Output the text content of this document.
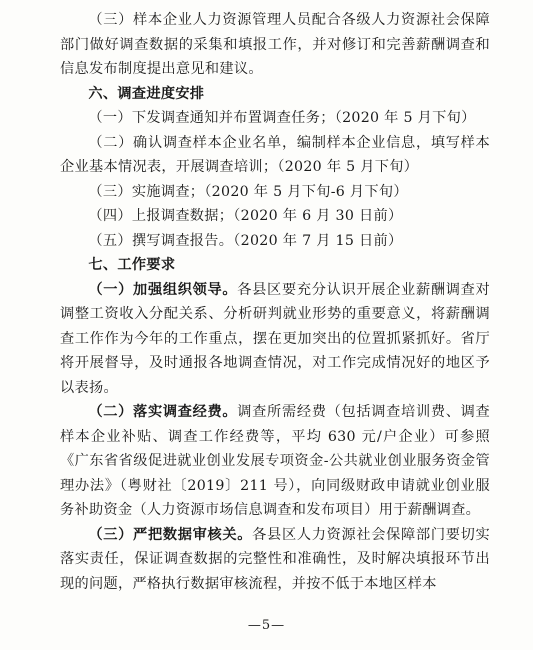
（三）样本企业人力资源管理人员配合各级人力资源社会保障部门做好调查数据的采集和填报工作，并对修订和完善薪酬调查和信息发布制度提出意见和建议。

六、调查进度安排

（一）下发调查通知并布置调查任务；（2020 年 5 月下旬）

（二）确认调查样本企业名单，编制样本企业信息，填写样本企业基本情况表，开展调查培训；（2020 年 5 月下旬）

（三）实施调查；（2020 年 5 月下旬-6 月下旬）

（四）上报调查数据；（2020 年 6 月 30 日前）

（五）撰写调查报告。（2020 年 7 月 15 日前）

七、工作要求

（一）加强组织领导。各县区要充分认识开展企业薪酬调查对调整工资收入分配关系、分析研判就业形势的重要意义，将薪酬调查工作作为今年的工作重点，摆在更加突出的位置抓紧抓好。省厅将开展督导，及时通报各地调查情况，对工作完成情况好的地区予以表扬。

（二）落实调查经费。调查所需经费（包括调查培训费、调查样本企业补贴、调查工作经费等，平均 630 元/户企业）可参照《广东省省级促进就业创业发展专项资金-公共就业创业服务资金管理办法》（粤财社〔2019〕211 号），向同级财政申请就业创业服务补助资金（人力资源市场信息调查和发布项目）用于薪酬调查。

（三）严把数据审核关。各县区人力资源社会保障部门要切实落实责任，保证调查数据的完整性和准确性，及时解决填报环节出现的问题，严格执行数据审核流程，并按不低于本地区样本

—5—
